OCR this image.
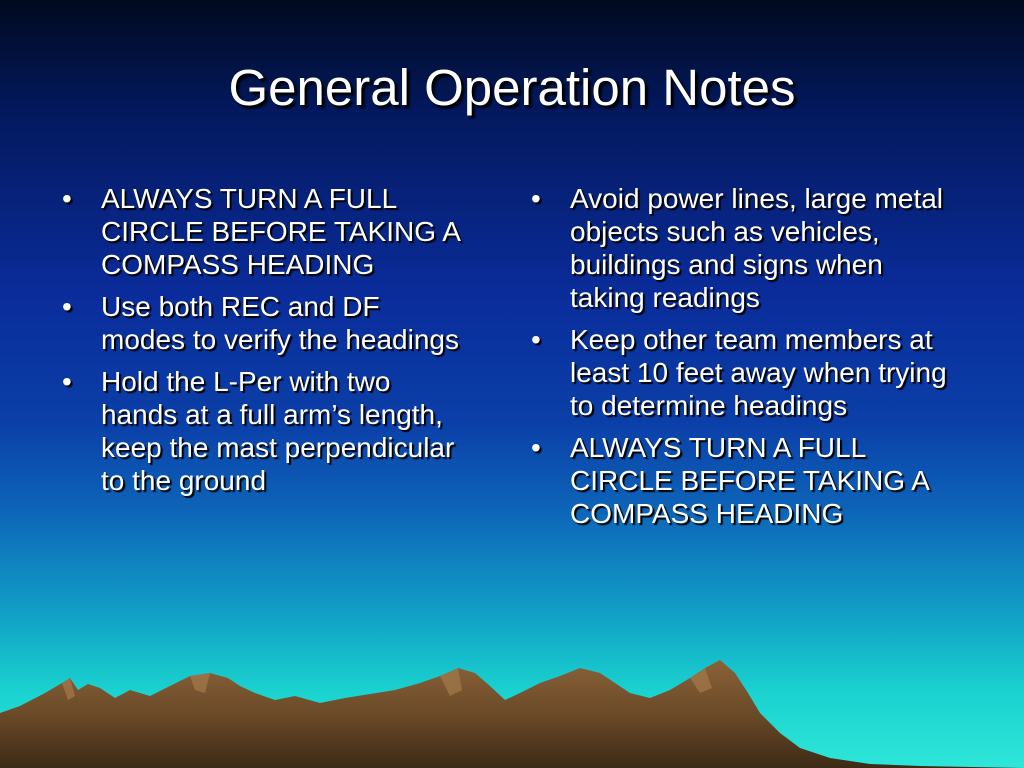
General Operation Notes
• ALWAYS TURN A FULL CIRCLE BEFORE TAKING A COMPASS HEADING
• Use both REC and DF modes to verify the headings
• Hold the L-Per with two hands at a full arm’s length, keep the mast perpendicular to the ground
• Avoid power lines, large metal objects such as vehicles, buildings and signs when taking readings
• Keep other team members at least 10 feet away when trying to determine headings
• ALWAYS TURN A FULL CIRCLE BEFORE TAKING A COMPASS HEADING
